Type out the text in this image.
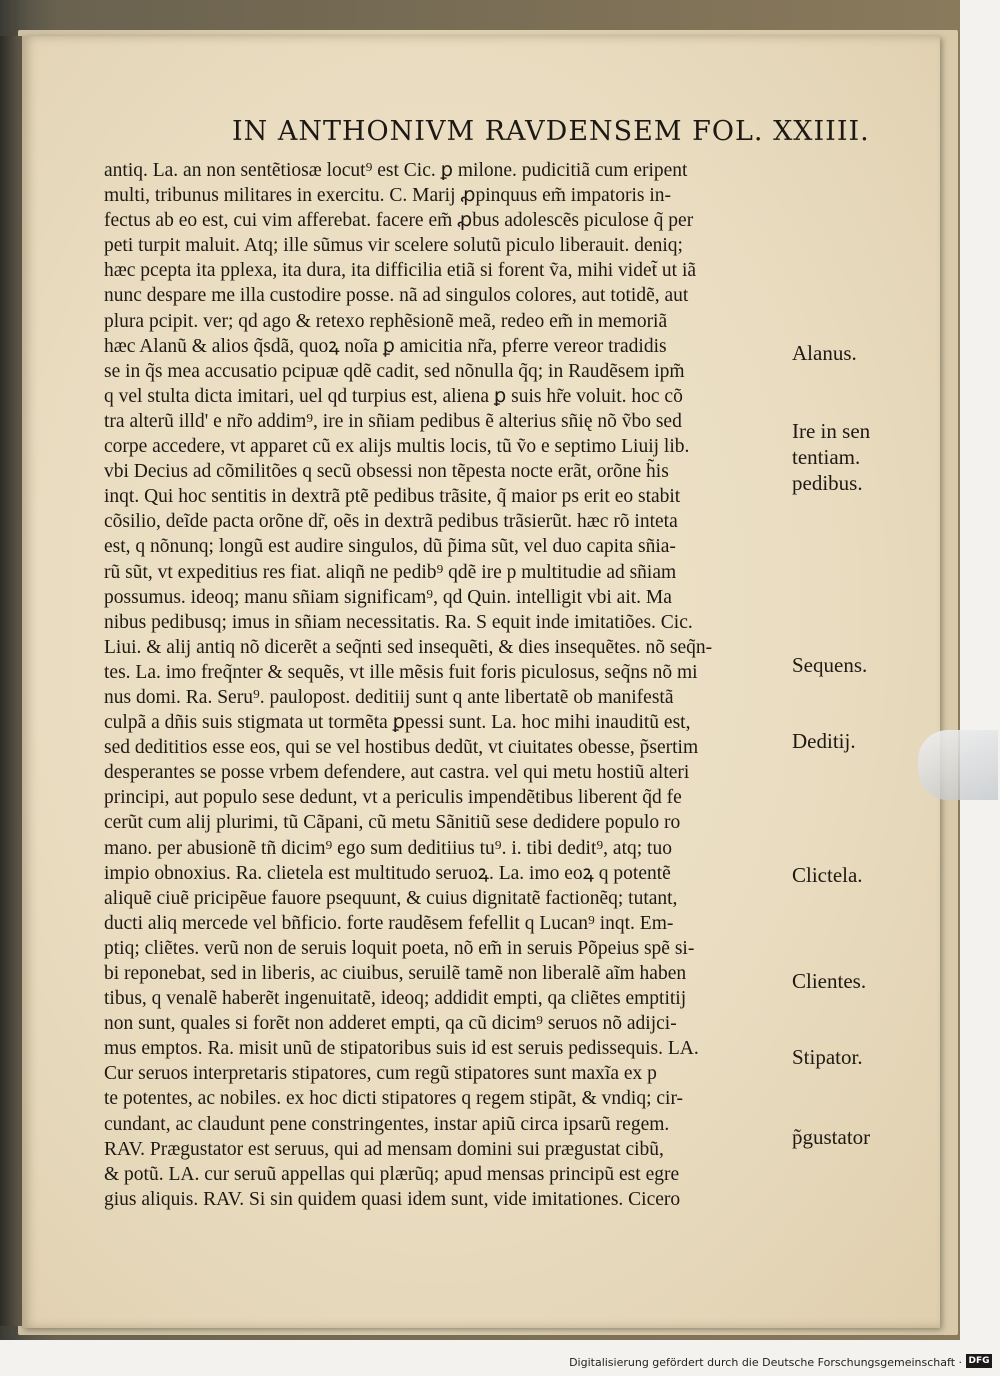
IN ANTHONIVM RAVDENSEM FOL. XXIIII.
antiq. La. an non sentẽtiosæ locut⁹ est Cic. ꝑ milone. pudicitiã cum eripent
multi, tribunus militares in exercitu. C. Marij ꝓpinquus em̃ impatoris in-
fectus ab eo est, cui vim afferebat. facere em̃ ꝓbus adolescẽs piculose q̃ per
peti turpit maluit. Atq; ille sũmus vir scelere solutũ piculo liberauit. deniq;
hæc pcepta ita pplexa, ita dura, ita difficilia etiã si forent ṽa, mihi videt̃ ut iã
nunc despare me illa custodire posse. nã ad singulos colores, aut totidẽ, aut
plura pcipit. ver; qd ago & retexo rephẽsionẽ meã, redeo em̃ in memoriã
hæc Alanũ & alios q̃sdã, quoꝝ noĩa ꝑ amicitia nr̃a, pferre vereor tradidis
se in q̃s mea accusatio pcipuæ qdẽ cadit, sed nõnulla q̃q; in Raudẽsem ipm̃
q vel stulta dicta imitari, uel qd turpius est, aliena ꝑ suis hr̃e voluit. hoc cõ
tra alterũ illd' e nr̃o addim⁹, ire in sñiam pedibus ẽ alterius sñię nõ ṽbo sed
corpe accedere, vt apparet cũ ex alijs multis locis, tũ ṽo e septimo Liuij lib.
vbi Decius ad cõmilitões q secũ obsessi non tẽpesta nocte erãt, orõne h̃is
inqt. Qui hoc sentitis in dextrã ptẽ pedibus trãsite, q̃ maior ps erit eo stabit
cõsilio, deĩde pacta orõne dr̃, oẽs in dextrã pedibus trãsierũt. hæc rõ inteta
est, q nõnunq; longũ est audire singulos, dũ p̃ima sũt, vel duo capita sñia-
rũ sũt, vt expeditius res fiat. aliqñ ne pedib⁹ qdẽ ire p multitudie ad sñiam
possumus. ideoq; manu sñiam significam⁹, qd Quin. intelligit vbi ait. Ma
nibus pedibusq; imus in sñiam necessitatis. Ra. S equit inde imitatiões. Cic.
Liui. & alij antiq nõ dicerẽt a seq̃nti sed insequẽti, & dies insequẽtes. nõ seq̃n-
tes. La. imo freq̃nter & sequẽs, vt ille mẽsis fuit foris piculosus, seq̃ns nõ mi
nus domi. Ra. Seru⁹. paulopost. deditiij sunt q ante libertatẽ ob manifestã
culpã a dñis suis stigmata ut tormẽta ꝑpessi sunt. La. hoc mihi inauditũ est,
sed dedititios esse eos, qui se vel hostibus dedũt, vt ciuitates obesse, p̃sertim
desperantes se posse vrbem defendere, aut castra. vel qui metu hostiũ alteri
principi, aut populo sese dedunt, vt a periculis impendẽtibus liberent q̃d fe
cerũt cum alij plurimi, tũ Cãpani, cũ metu Sãnitiũ sese dedidere populo ro
mano. per abusionẽ tñ dicim⁹ ego sum deditiius tu⁹. i. tibi dedit⁹, atq; tuo
impio obnoxius. Ra. clietela est multitudo seruoꝝ. La. imo eoꝝ q potentẽ
aliquẽ ciuẽ pricipẽue fauore psequunt, & cuius dignitatẽ factionẽq; tutant,
ducti aliq mercede vel bñficio. forte raudẽsem fefellit q Lucan⁹ inqt. Em-
ptiq; cliẽtes. verũ non de seruis loquit poeta, nõ em̃ in seruis Põpeius spẽ si-
bi reponebat, sed in liberis, ac ciuibus, seruilẽ tamẽ non liberalẽ aĩm haben
tibus, q venalẽ haberẽt ingenuitatẽ, ideoq; addidit empti, qa cliẽtes emptitij
non sunt, quales si forẽt non adderet empti, qa cũ dicim⁹ seruos nõ adijci-
mus emptos. Ra. misit unũ de stipatoribus suis id est seruis pedissequis. LA.
Cur seruos interpretaris stipatores, cum regũ stipatores sunt maxĩa ex p
te potentes, ac nobiles. ex hoc dicti stipatores q regem stipãt, & vndiq; cir-
cundant, ac claudunt pene constringentes, instar apiũ circa ipsarũ regem.
RAV. Prægustator est seruus, qui ad mensam domini sui prægustat cibũ,
& potũ. LA. cur seruũ appellas qui plærũq; apud mensas principũ est egre
gius aliquis. RAV. Si sin quidem quasi idem sunt, vide imitationes. Cicero
Alanus.
Ire in sen
tentiam.
pedibus.
Sequens.
Deditij.
Clictela.
Clientes.
Stipator.
p̃gustator
Digitalisierung gefördert durch die Deutsche Forschungsgemeinschaft · DFG
